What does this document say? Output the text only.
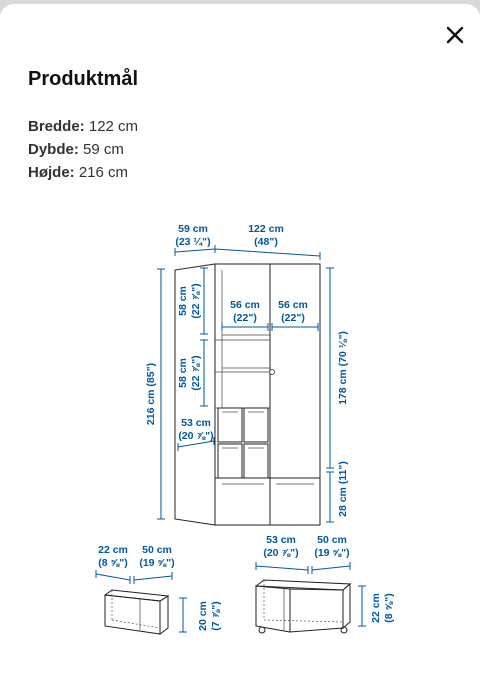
Produktmål
Bredde: 122 cm
Dybde: 59 cm
Højde: 216 cm
59 cm
(23 ¼")
122 cm
(48")
216 cm (85")
58 cm (22 ⅞")
58 cm (22 ⅞")
56 cm
(22")
56 cm
(22")
53 cm
(20 ⅞")
178 cm (70 ⅛")
28 cm (11")
22 cm
(8 ⅝")
50 cm
(19 ⅝")
20 cm (7 ⅞")
53 cm
(20 ⅞")
50 cm
(19 ⅝")
22 cm (8 ⅝")
